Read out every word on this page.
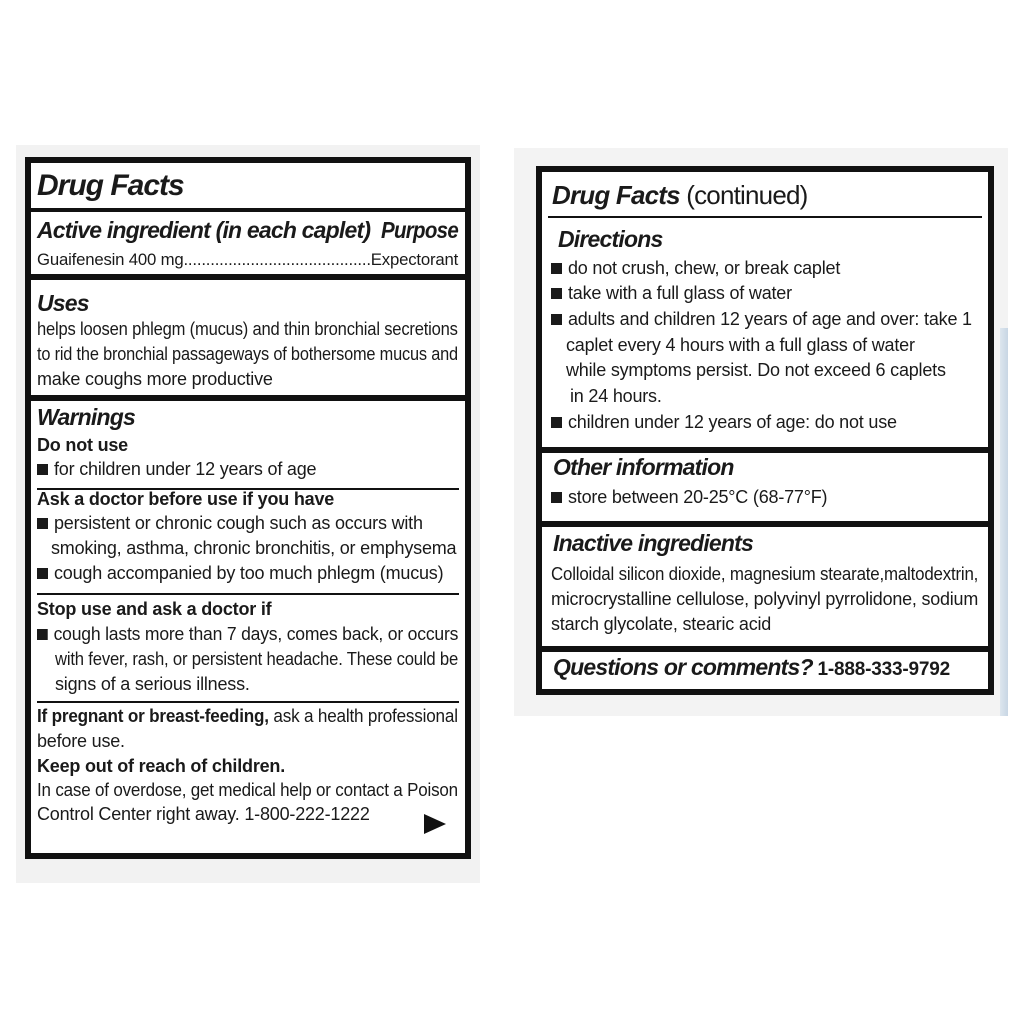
Drug Facts
Active ingredient (in each caplet) Purpose
Guaifenesin 400 mg..........................................Expectorant
Uses
helps loosen phlegm (mucus) and thin bronchial secretions
to rid the bronchial passageways of bothersome mucus and
make coughs more productive
Warnings
Do not use
for children under 12 years of age
Ask a doctor before use if you have
persistent or chronic cough such as occurs with
smoking, asthma, chronic bronchitis, or emphysema
cough accompanied by too much phlegm (mucus)
Stop use and ask a doctor if
cough lasts more than 7 days, comes back, or occurs
with fever, rash, or persistent headache. These could be
signs of a serious illness.
If pregnant or breast-feeding, ask a health professional
before use.
Keep out of reach of children.
In case of overdose, get medical help or contact a Poison
Control Center right away. 1-800-222-1222
Drug Facts (continued)
Directions
do not crush, chew, or break caplet
take with a full glass of water
adults and children 12 years of age and over: take 1
caplet every 4 hours with a full glass of water
while symptoms persist. Do not exceed 6 caplets
in 24 hours.
children under 12 years of age: do not use
Other information
store between 20-25°C (68-77°F)
Inactive ingredients
Colloidal silicon dioxide, magnesium stearate,maltodextrin,
microcrystalline cellulose, polyvinyl pyrrolidone, sodium
starch glycolate, stearic acid
Questions or comments? 1-888-333-9792
